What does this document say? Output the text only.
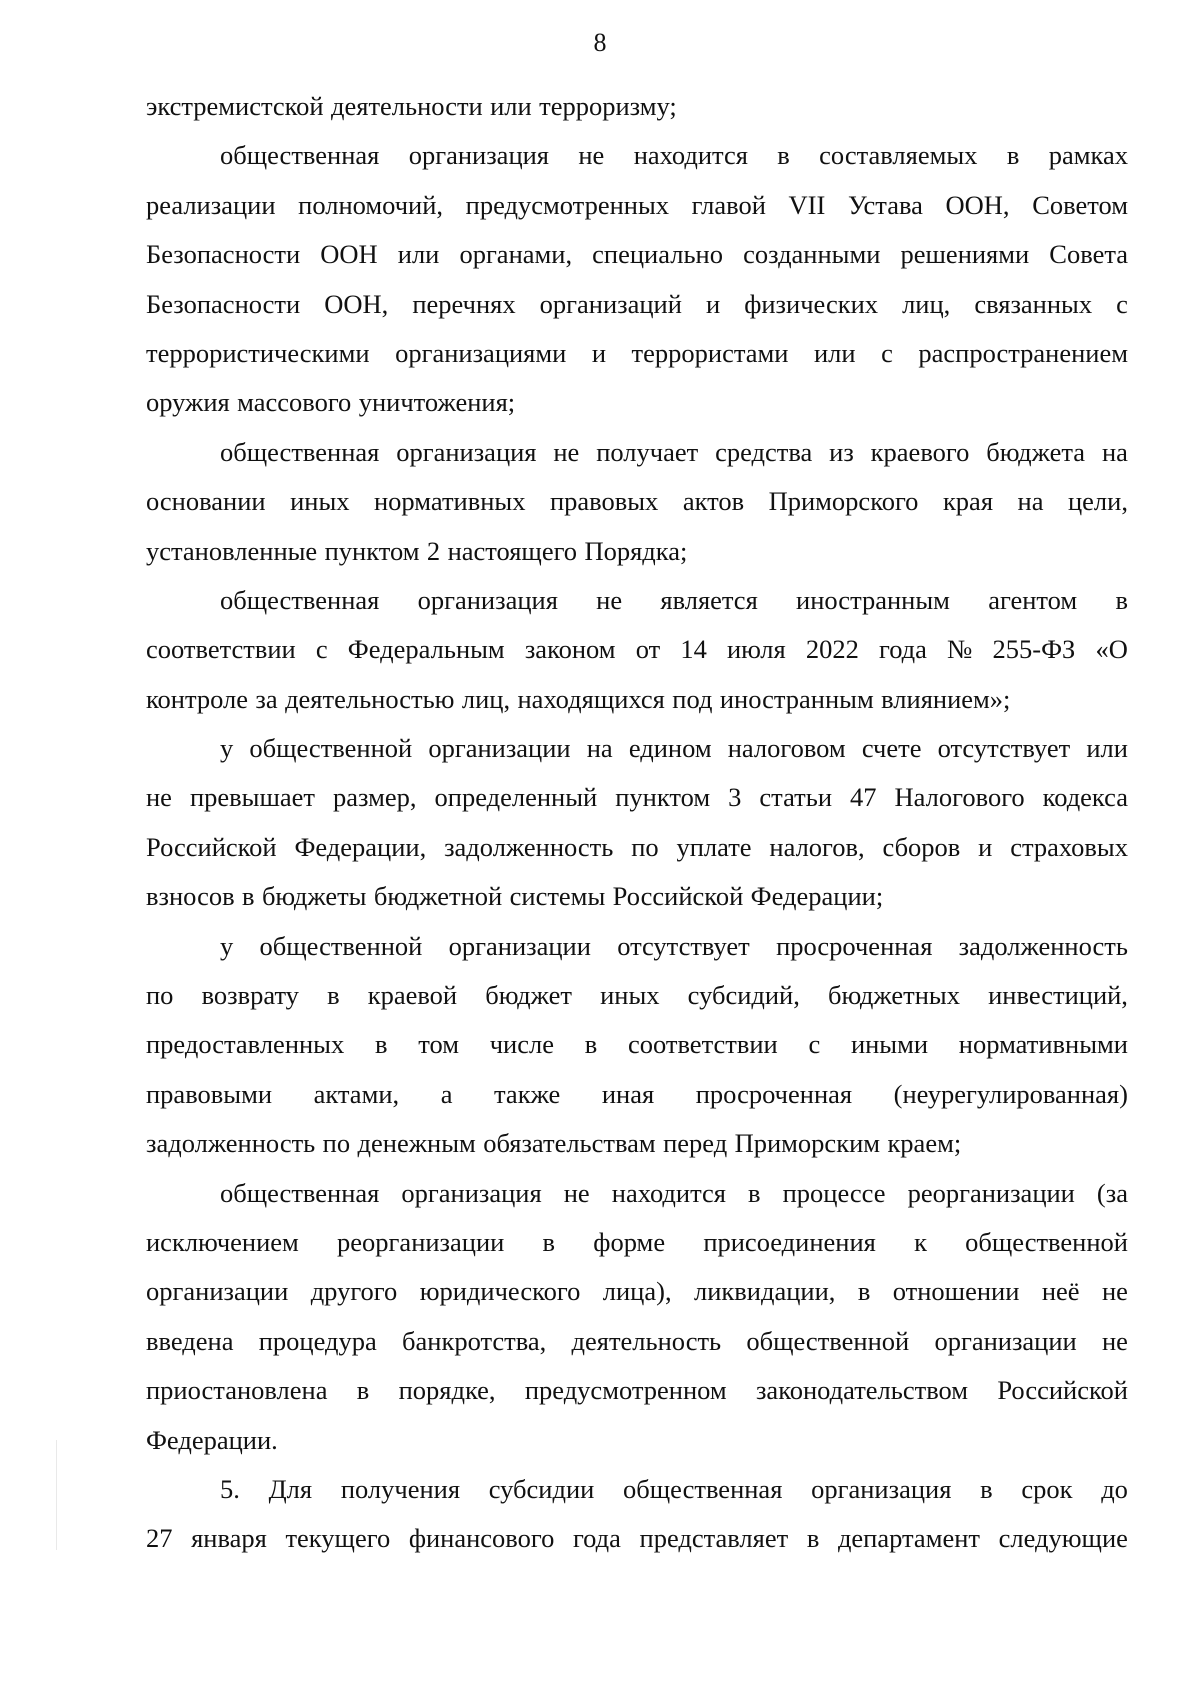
8
экстремистской деятельности или терроризму;
общественная организация не находится в составляемых в рамках
реализации полномочий, предусмотренных главой VII Устава ООН, Советом
Безопасности ООН или органами, специально созданными решениями Совета
Безопасности ООН, перечнях организаций и физических лиц, связанных с
террористическими организациями и террористами или с распространением
оружия массового уничтожения;
общественная организация не получает средства из краевого бюджета на
основании иных нормативных правовых актов Приморского края на цели,
установленные пунктом 2 настоящего Порядка;
общественная организация не является иностранным агентом в
соответствии с Федеральным законом от 14 июля 2022 года № 255-ФЗ «О
контроле за деятельностью лиц, находящихся под иностранным влиянием»;
у общественной организации на едином налоговом счете отсутствует или
не превышает размер, определенный пунктом 3 статьи 47 Налогового кодекса
Российской Федерации, задолженность по уплате налогов, сборов и страховых
взносов в бюджеты бюджетной системы Российской Федерации;
у общественной организации отсутствует просроченная задолженность
по возврату в краевой бюджет иных субсидий, бюджетных инвестиций,
предоставленных в том числе в соответствии с иными нормативными
правовыми актами, а также иная просроченная (неурегулированная)
задолженность по денежным обязательствам перед Приморским краем;
общественная организация не находится в процессе реорганизации (за
исключением реорганизации в форме присоединения к общественной
организации другого юридического лица), ликвидации, в отношении неё не
введена процедура банкротства, деятельность общественной организации не
приостановлена в порядке, предусмотренном законодательством Российской
Федерации.
5. Для получения субсидии общественная организация в срок до
27 января текущего финансового года представляет в департамент следующие
